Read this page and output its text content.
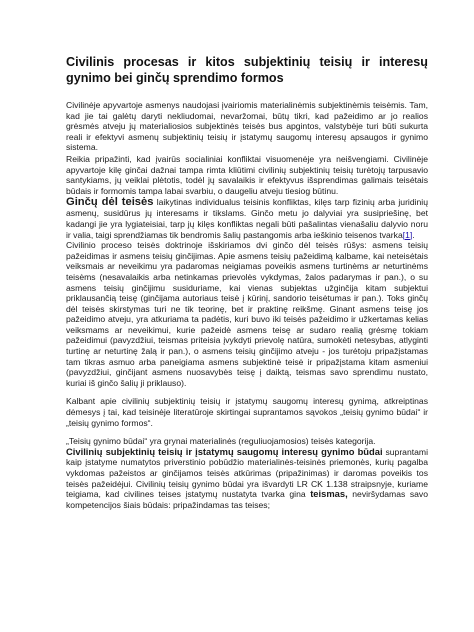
Civilinis procesas ir kitos subjektinių teisių ir interesų gynimo bei ginčų sprendimo formos

Civilinėje apyvartoje asmenys naudojasi įvairiomis materialinėmis subjektinėmis teisėmis. Tam, kad jie tai galėtų daryti nekliudomai, nevaržomai, būtų tikri, kad pažeidimo ar jo realios grėsmės atveju jų materialiosios subjektinės teisės bus apgintos, valstybėje turi būti sukurta reali ir efektyvi asmenų subjektinių teisių ir įstatymų saugomų interesų apsaugos ir gynimo sistema.

Reikia pripažinti, kad įvairūs socialiniai konfliktai visuomenėje yra neišvengiami. Civilinėje apyvartoje kilę ginčai dažnai tampa rimta kliūtimi civilinių subjektinių teisių turėtojų tarpusavio santykiams, jų veiklai plėtotis, todėl jų savalaikis ir efektyvus išsprendimas galimais teisėtais būdais ir formomis tampa labai svarbiu, o daugeliu atveju tiesiog būtinu.

Ginčų dėl teisės laikytinas individualus teisinis konfliktas, kilęs tarp fizinių arba juridinių asmenų, susidūrus jų interesams ir tikslams. Ginčo metu jo dalyviai yra susipriešinę, bet kadangi jie yra lygiateisiai, tarp jų kilęs konfliktas negali būti pašalintas vienašaliu dalyvio noru ir valia, taigi sprendžiamas tik bendromis šalių pastangomis arba ieškinio teisenos tvarka[1].

Civilinio proceso teisės doktrinoje išskiriamos dvi ginčo dėl teisės rūšys: asmens teisių pažeidimas ir asmens teisių ginčijimas. Apie asmens teisių pažeidimą kalbame, kai neteisėtais veiksmais ar neveikimu yra padaromas neigiamas poveikis asmens turtinėms ar neturtinėms teisėms (nesavalaikis arba netinkamas prievolės vykdymas, žalos padarymas ir pan.), o su asmens teisių ginčijimu susiduriame, kai vienas subjektas užginčija kitam subjektui priklausančią teisę (ginčijama autoriaus teisė į kūrinį, sandorio teisėtumas ir pan.). Toks ginčų dėl teisės skirstymas turi ne tik teorinę, bet ir praktinę reikšmę. Ginant asmens teisę jos pažeidimo atveju, yra atkuriama ta padėtis, kuri buvo iki teisės pažeidimo ir užkertamas kelias veiksmams ar neveikimui, kurie pažeidė asmens teisę ar sudaro realią grėsmę tokiam pažeidimui (pavyzdžiui, teismas priteisia įvykdyti prievolę natūra, sumokėti netesybas, atlyginti turtinę ar neturtinę žalą ir pan.), o asmens teisių ginčijimo atveju - jos turėtoju pripažįstamas tam tikras asmuo arba paneigiama asmens subjektinė teisė ir pripažįstama kitam asmeniui (pavyzdžiui, ginčijant asmens nuosavybės teisę į daiktą, teismas savo sprendimu nustato, kuriai iš ginčo šalių ji priklauso).

Kalbant apie civilinių subjektinių teisių ir įstatymų saugomų interesų gynimą, atkreiptinas dėmesys į tai, kad teisinėje literatūroje skirtingai suprantamos sąvokos „teisių gynimo būdai“ ir „teisių gynimo formos“.

„Teisių gynimo būdai“ yra grynai materialinės (reguliuojamosios) teisės kategorija.

Civilinių subjektinių teisių ir įstatymų saugomų interesų gynimo būdai suprantami kaip įstatyme numatytos priverstinio pobūdžio materialinės-teisinės priemonės, kurių pagalba vykdomas pažeistos ar ginčijamos teisės atkūrimas (pripažinimas) ir daromas poveikis tos teisės pažeidėjui. Civilinių teisių gynimo būdai yra išvardyti LR CK 1.138 straipsnyje, kuriame teigiama, kad civilines teises įstatymų nustatyta tvarka gina teismas, neviršydamas savo kompetencijos šiais būdais: pripažindamas tas teises;
